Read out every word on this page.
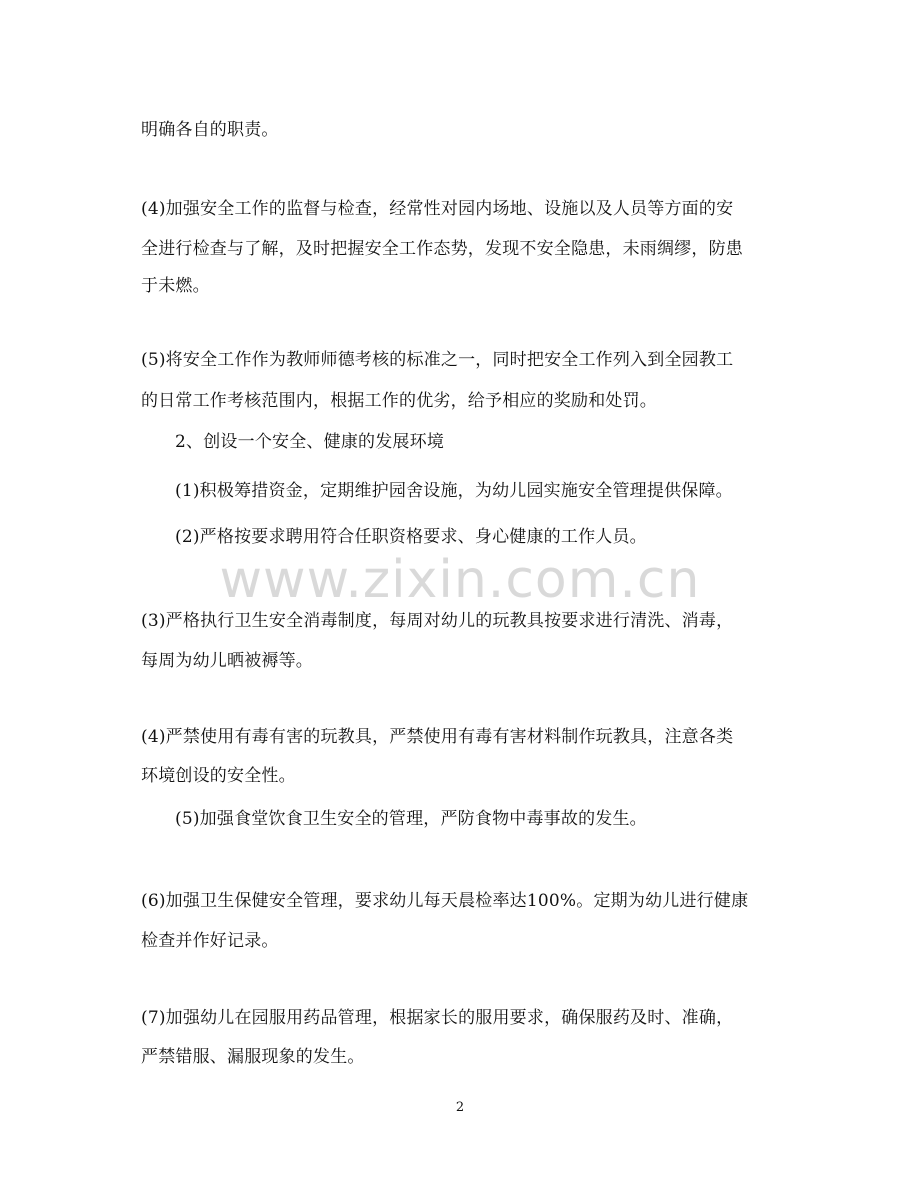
明确各自的职责。
(4)加强安全工作的监督与检查，经常性对园内场地、设施以及人员等方面的安
全进行检查与了解，及时把握安全工作态势，发现不安全隐患，未雨绸缪，防患
于未燃。
(5)将安全工作作为教师师德考核的标准之一，同时把安全工作列入到全园教工
的日常工作考核范围内，根据工作的优劣，给予相应的奖励和处罚。
2、创设一个安全、健康的发展环境
(1)积极筹措资金，定期维护园舍设施，为幼儿园实施安全管理提供保障。
(2)严格按要求聘用符合任职资格要求、身心健康的工作人员。
www.zixin.com.cn
(3)严格执行卫生安全消毒制度，每周对幼儿的玩教具按要求进行清洗、消毒，
每周为幼儿晒被褥等。
(4)严禁使用有毒有害的玩教具，严禁使用有毒有害材料制作玩教具，注意各类
环境创设的安全性。
(5)加强食堂饮食卫生安全的管理，严防食物中毒事故的发生。
(6)加强卫生保健安全管理，要求幼儿每天晨检率达100%。定期为幼儿进行健康
检查并作好记录。
(7)加强幼儿在园服用药品管理，根据家长的服用要求，确保服药及时、准确，
严禁错服、漏服现象的发生。
2
